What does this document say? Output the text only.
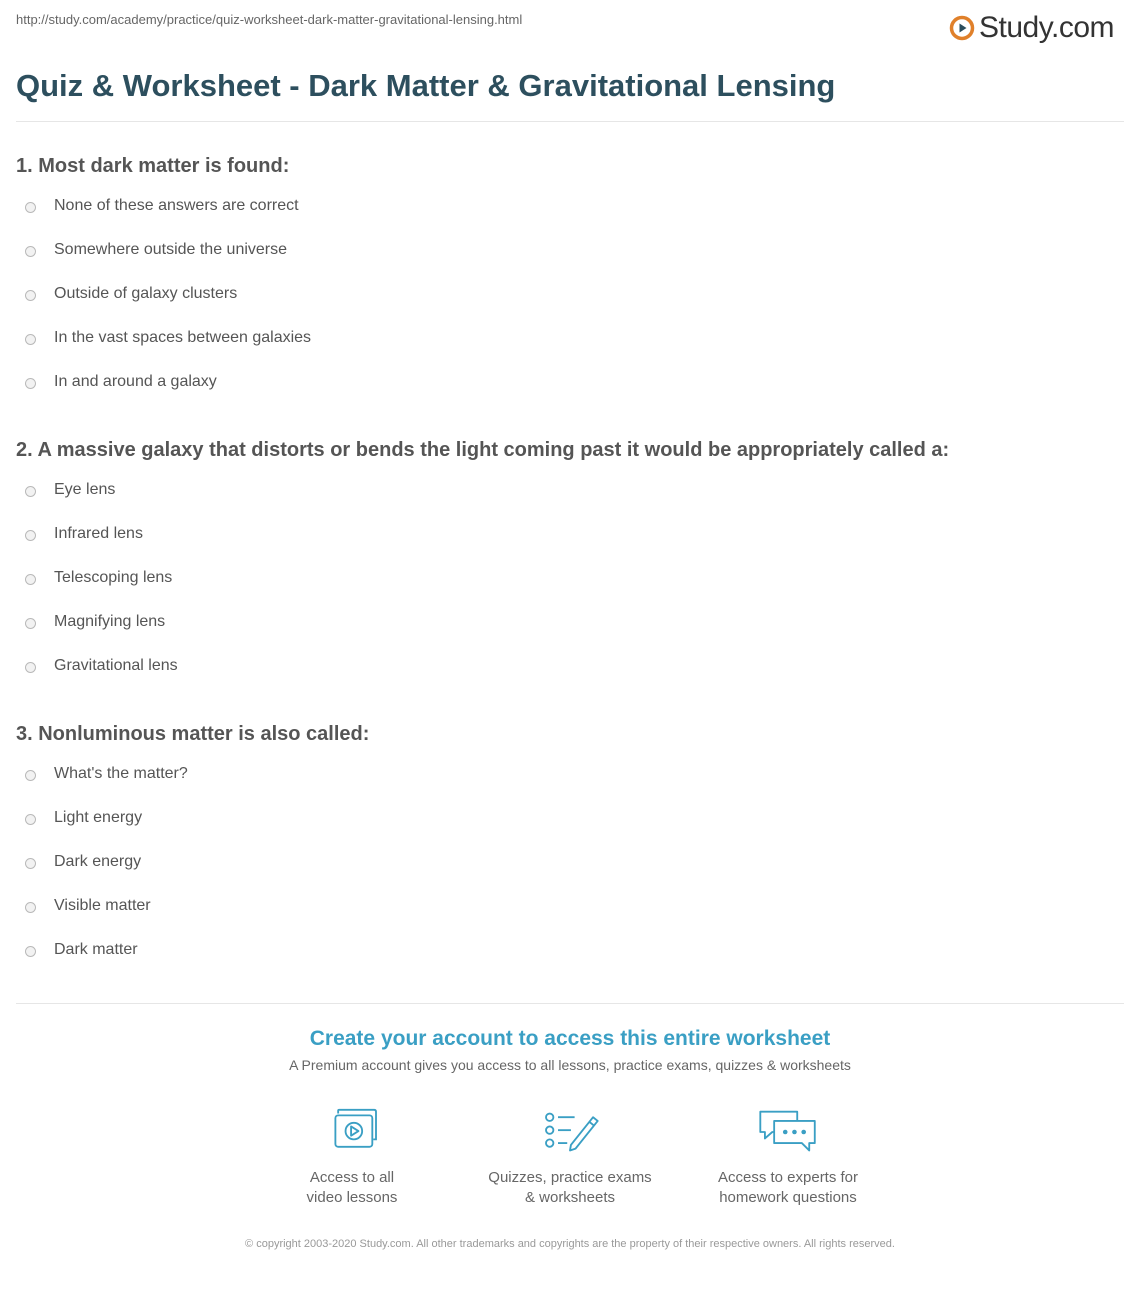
http://study.com/academy/practice/quiz-worksheet-dark-matter-gravitational-lensing.html	Study.com
Quiz & Worksheet - Dark Matter & Gravitational Lensing
1. Most dark matter is found:
None of these answers are correct
Somewhere outside the universe
Outside of galaxy clusters
In the vast spaces between galaxies
In and around a galaxy
2. A massive galaxy that distorts or bends the light coming past it would be appropriately called a:
Eye lens
Infrared lens
Telescoping lens
Magnifying lens
Gravitational lens
3. Nonluminous matter is also called:
What's the matter?
Light energy
Dark energy
Visible matter
Dark matter
Create your account to access this entire worksheet
A Premium account gives you access to all lessons, practice exams, quizzes & worksheets
Access to all
video lessons
Quizzes, practice exams
& worksheets
Access to experts for
homework questions
© copyright 2003-2020 Study.com. All other trademarks and copyrights are the property of their respective owners. All rights reserved.
